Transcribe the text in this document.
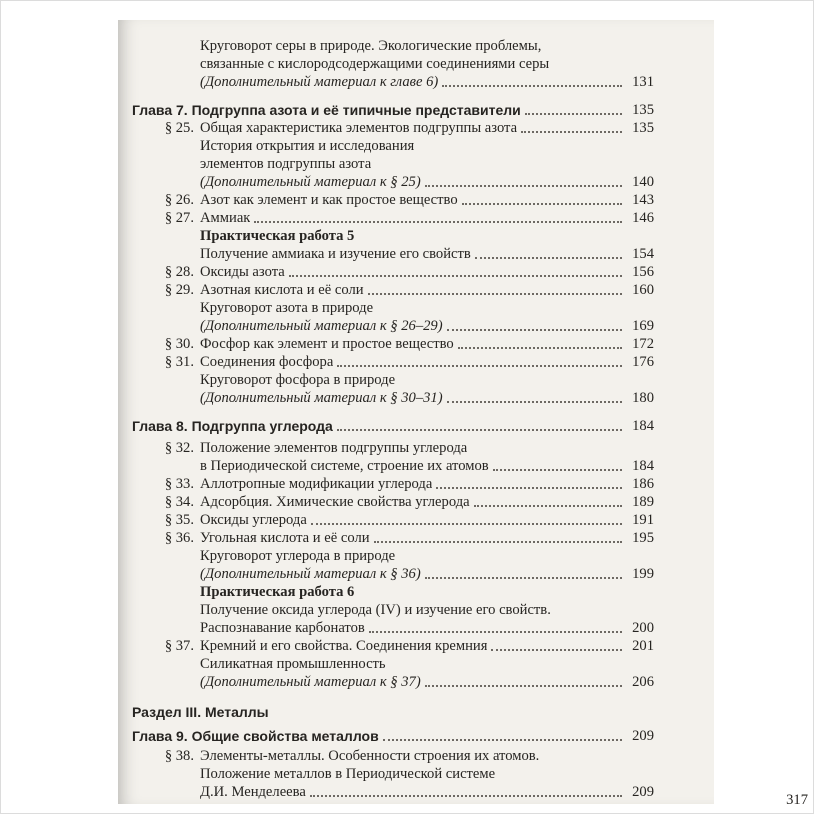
Круговорот серы в природе. Экологические проблемы,
связанные с кислородсодержащими соединениями серы
(Дополнительный материал к главе 6)	131
Глава 7. Подгруппа азота и её типичные представители	135
§ 25. Общая характеристика элементов подгруппы азота	135
История открытия и исследования
элементов подгруппы азота
(Дополнительный материал к § 25)	140
§ 26. Азот как элемент и как простое вещество	143
§ 27. Аммиак	146
Практическая работа 5
Получение аммиака и изучение его свойств	154
§ 28. Оксиды азота	156
§ 29. Азотная кислота и её соли	160
Круговорот азота в природе
(Дополнительный материал к § 26–29)	169
§ 30. Фосфор как элемент и простое вещество	172
§ 31. Соединения фосфора	176
Круговорот фосфора в природе
(Дополнительный материал к § 30–31)	180
Глава 8. Подгруппа углерода	184
§ 32. Положение элементов подгруппы углерода
в Периодической системе, строение их атомов	184
§ 33. Аллотропные модификации углерода	186
§ 34. Адсорбция. Химические свойства углерода	189
§ 35. Оксиды углерода	191
§ 36. Угольная кислота и её соли	195
Круговорот углерода в природе
(Дополнительный материал к § 36)	199
Практическая работа 6
Получение оксида углерода (IV) и изучение его свойств.
Распознавание карбонатов	200
§ 37. Кремний и его свойства. Соединения кремния	201
Силикатная промышленность
(Дополнительный материал к § 37)	206
Раздел III. Металлы
Глава 9. Общие свойства металлов	209
§ 38. Элементы-металлы. Особенности строения их атомов.
Положение металлов в Периодической системе
Д.И. Менделеева	209	317
